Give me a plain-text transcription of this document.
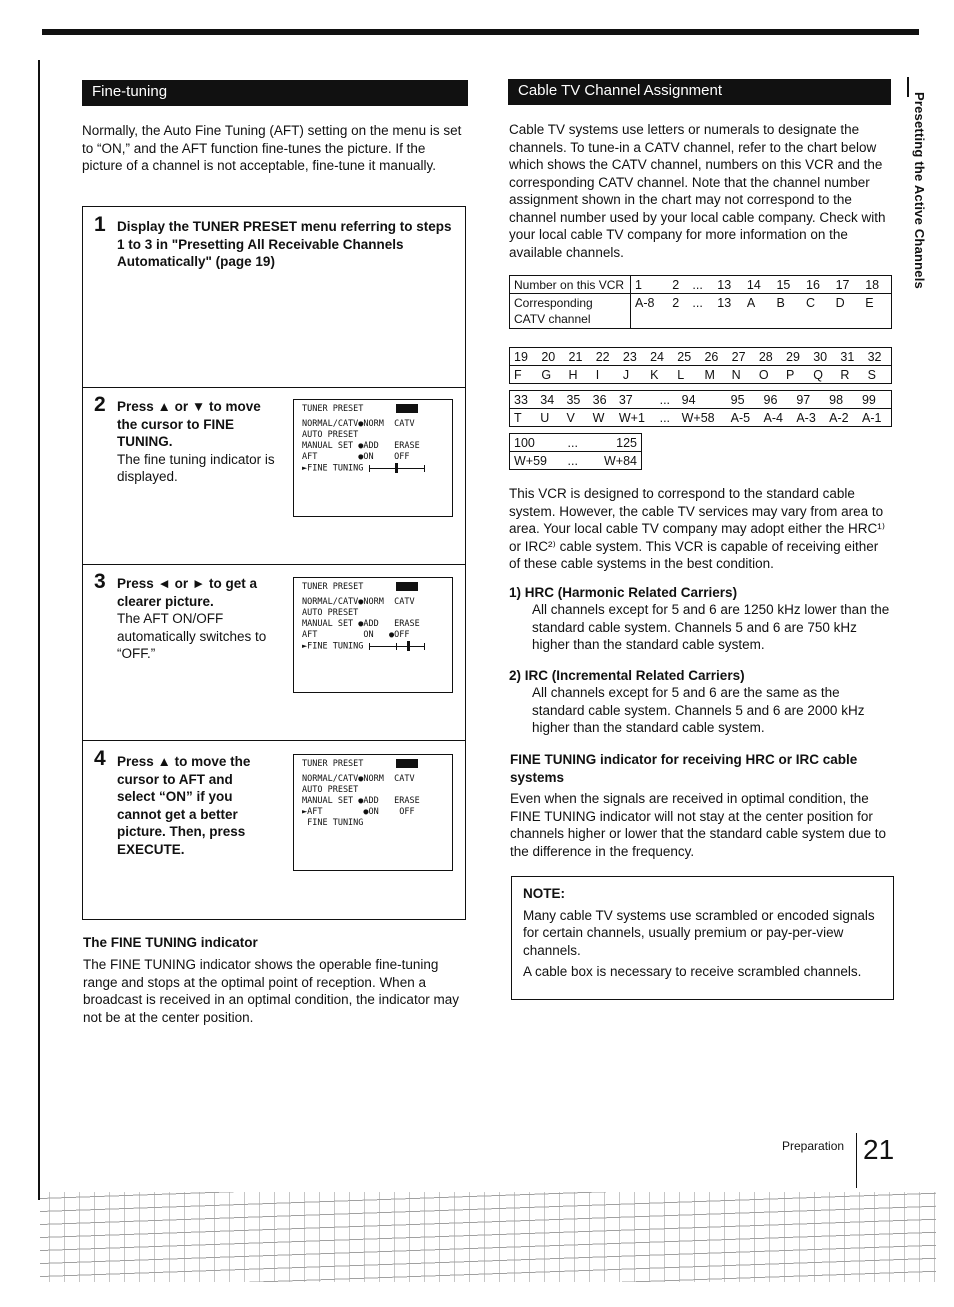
Fine-tuning
Normally, the Auto Fine Tuning (AFT) setting on the menu is set to “ON,” and the AFT function fine-tunes the picture. If the picture of a channel is not acceptable, fine-tune it manually.
1 Display the TUNER PRESET menu referring to steps 1 to 3 in "Presetting All Receivable Channels Automatically" (page 19)
2 Press ▲ or ▼ to move the cursor to FINE TUNING.
The fine tuning indicator is displayed.
TUNER PRESET
NORMAL/CATV●NORM  CATV
AUTO PRESET
MANUAL SET ●ADD   ERASE
AFT        ●ON    OFF
►FINE TUNING
3 Press ◄ or ► to get a clearer picture.
The AFT ON/OFF automatically switches to “OFF.”
TUNER PRESET
NORMAL/CATV●NORM  CATV
AUTO PRESET
MANUAL SET ●ADD   ERASE
AFT         ON   ●OFF
►FINE TUNING
4 Press ▲ to move the cursor to AFT and select “ON” if you cannot get a better picture. Then, press EXECUTE.
TUNER PRESET
NORMAL/CATV●NORM  CATV
AUTO PRESET
MANUAL SET ●ADD   ERASE
►AFT        ●ON    OFF
FINE TUNING
The FINE TUNING indicator
The FINE TUNING indicator shows the operable fine-tuning range and stops at the optimal point of reception. When a broadcast is received in an optimal condition, the indicator may not be at the center position.
Cable TV Channel Assignment
Cable TV systems use letters or numerals to designate the channels. To tune-in a CATV channel, refer to the chart below which shows the CATV channel, numbers on this VCR and the corresponding CATV channel. Note that the channel number assignment shown in the chart may not correspond to the channel number used by your local cable company. Check with your local cable TV company for more information on the available channels.
Number on this VCR	1	2	...	13	14	15	16	17	18
Corresponding CATV channel	A-8	2	...	13	A	B	C	D	E
19	20	21	22	23	24	25	26	27	28	29	30	31	32
F	G	H	I	J	K	L	M	N	O	P	Q	R	S
33	34	35	36	37	...	94	95	96	97	98	99
T	U	V	W	W+1	...	W+58	A-5	A-4	A-3	A-2	A-1
100	...	125
W+59	...	W+84
This VCR is designed to correspond to the standard cable system. However, the cable TV services may vary from area to area. Your local cable TV company may adopt either the HRC¹⁾ or IRC²⁾ cable system. This VCR is capable of receiving either of these cable systems in the best condition.
1) HRC (Harmonic Related Carriers)
All channels except for 5 and 6 are 1250 kHz lower than the standard cable system. Channels 5 and 6 are 750 kHz higher than the standard cable system.
2) IRC (Incremental Related Carriers)
All channels except for 5 and 6 are the same as the standard cable system. Channels 5 and 6 are 2000 kHz higher than the standard cable system.
FINE TUNING indicator for receiving HRC or IRC cable systems
Even when the signals are received in optimal condition, the FINE TUNING indicator will not stay at the center position for channels higher or lower that the standard cable system due to the difference in the frequency.
NOTE:
Many cable TV systems use scrambled or encoded signals for certain channels, usually premium or pay-per-view channels.
A cable box is necessary to receive scrambled channels.
Presetting the Active Channels
Preparation 21
